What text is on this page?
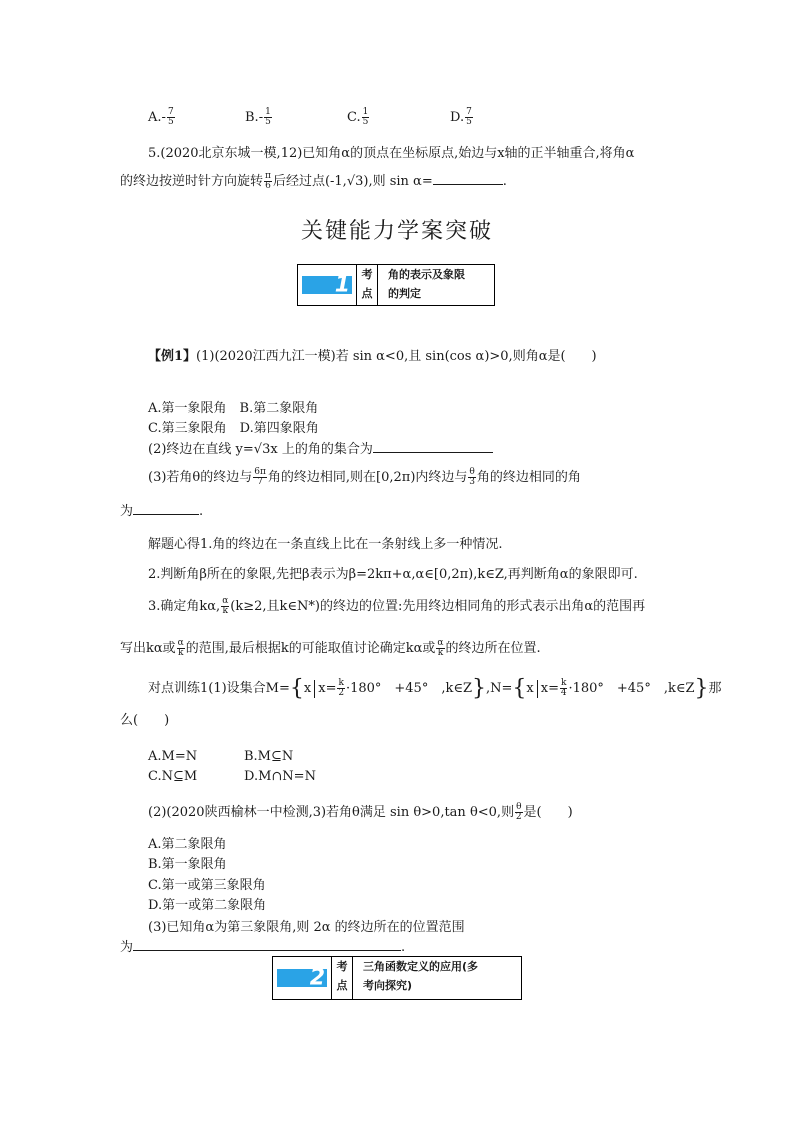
$A.- \frac{7}{5}$	$B.- \frac{1}{5}$	C. $\frac{1}{5}$	D. $\frac{7}{5}$
5.(2020北京东城一模,12)已知角α的顶点在坐标原点,始边与x轴的正半轴重合,将角α
的终边按逆时针方向旋转 $\frac{\pi}{6}$ 后经过点(-1,√3),则 sin α=	.
关键能力学案突破
1	考
点
角的表示及象限
的判定
【例1】(1)(2020江西九江一模)若 sin α<0,且 sin(cos α)>0,则角α是(　　)
A.第一象限角　B.第二象限角
C.第三象限角　D.第四象限角
(2)终边在直线 y=√3x 上的角的集合为
(3)若角θ的终边与 $\frac{6\pi}{7}$ 角的终边相同,则在[0,2π)内终边与 $\frac{\theta}{3}$ 角的终边相同的角
为	.
解题心得1.角的终边在一条直线上比在一条射线上多一种情况.
2.判断角β所在的象限,先把β表示为β=2kπ+α,α∈[0,2π),k∈Z,再判断角α的象限即可.
3.确定角kα, $\frac{\alpha}{k} (k\ge 2$,且k∈N*)的终边的位置:先用终边相同角的形式表示出角α的范围再
写出kα或 $\frac{\alpha}{k}$ 的范围,最后根据k的可能取值讨论确定kα或 $\frac{\alpha}{k}$ 的终边所在位置.
对点训练1(1)设集合M={x $x= \frac{k}{2} \cdot 180^\circ$　+45°　,k∈Z},N={x $x= \frac{k}{4} \cdot 180^\circ$　+45°　,k∈Z}那
么(　　)
A.M=N	B.M⊆N
C.N⊆M	D.M∩N=N
(2)(2020陕西榆林一中检测,3)若角θ满足 sin θ>0,tan θ<0,则 $\frac{\theta}{2}$ 是(　　)
A.第二象限角
B.第一象限角
C.第一或第三象限角
D.第一或第二象限角
(3)已知角α为第三象限角,则 2α 的终边所在的位置范围
为	.
2	考
点
三角函数定义的应用(多
考向探究)
